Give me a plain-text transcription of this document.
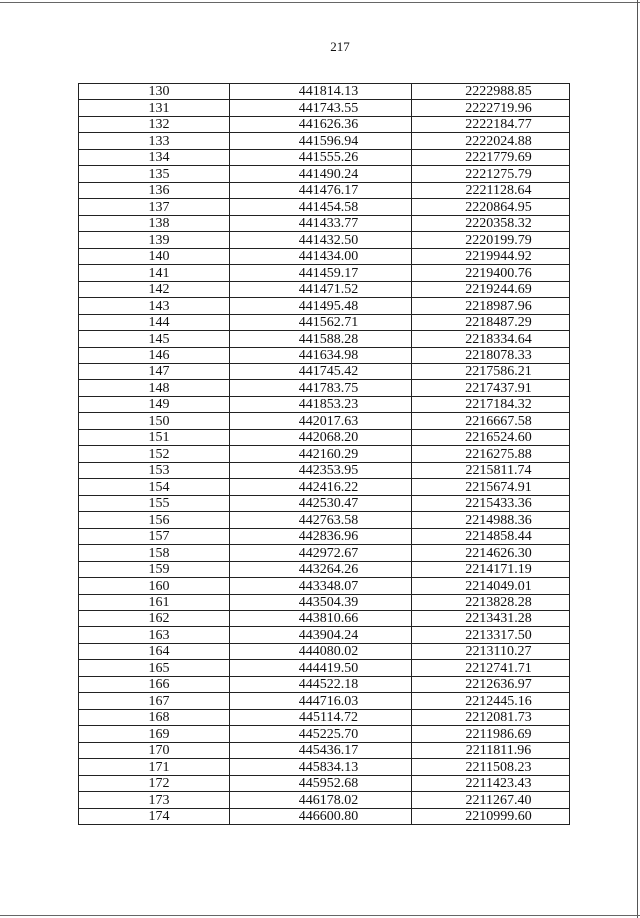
217
130	441814.13	2222988.85
131	441743.55	2222719.96
132	441626.36	2222184.77
133	441596.94	2222024.88
134	441555.26	2221779.69
135	441490.24	2221275.79
136	441476.17	2221128.64
137	441454.58	2220864.95
138	441433.77	2220358.32
139	441432.50	2220199.79
140	441434.00	2219944.92
141	441459.17	2219400.76
142	441471.52	2219244.69
143	441495.48	2218987.96
144	441562.71	2218487.29
145	441588.28	2218334.64
146	441634.98	2218078.33
147	441745.42	2217586.21
148	441783.75	2217437.91
149	441853.23	2217184.32
150	442017.63	2216667.58
151	442068.20	2216524.60
152	442160.29	2216275.88
153	442353.95	2215811.74
154	442416.22	2215674.91
155	442530.47	2215433.36
156	442763.58	2214988.36
157	442836.96	2214858.44
158	442972.67	2214626.30
159	443264.26	2214171.19
160	443348.07	2214049.01
161	443504.39	2213828.28
162	443810.66	2213431.28
163	443904.24	2213317.50
164	444080.02	2213110.27
165	444419.50	2212741.71
166	444522.18	2212636.97
167	444716.03	2212445.16
168	445114.72	2212081.73
169	445225.70	2211986.69
170	445436.17	2211811.96
171	445834.13	2211508.23
172	445952.68	2211423.43
173	446178.02	2211267.40
174	446600.80	2210999.60
